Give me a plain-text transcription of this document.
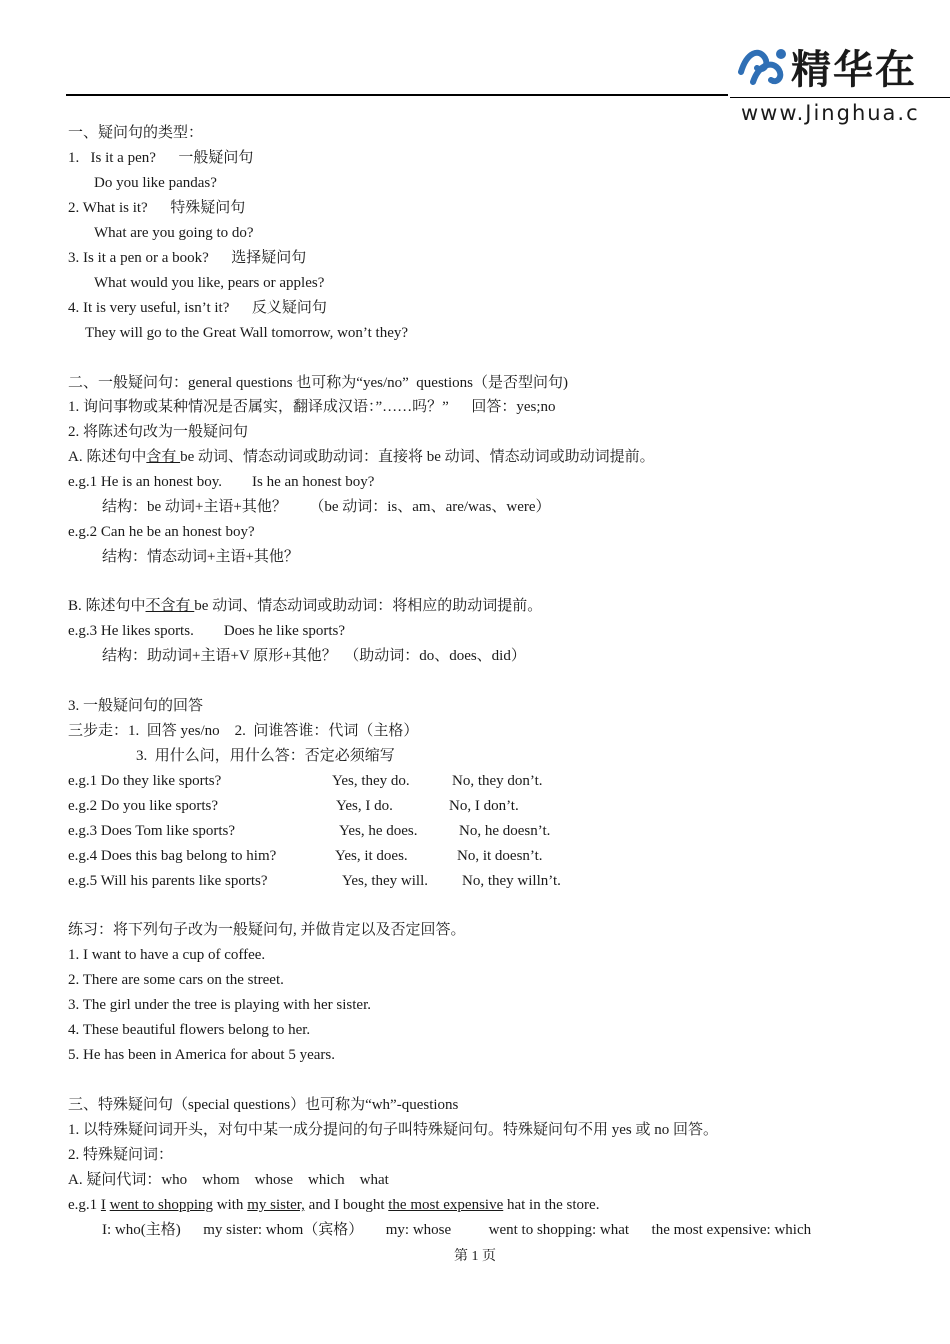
精华在
www.Jinghua.c
一、疑问句的类型：
1.   Is it a pen?      一般疑问句
Do you like pandas?
2. What is it?      特殊疑问句
What are you going to do?
3. Is it a pen or a book?      选择疑问句
What would you like, pears or apples?
4. It is very useful, isn’t it?      反义疑问句
They will go to the Great Wall tomorrow, won’t they?
二、一般疑问句：general questions 也可称为“yes/no”  questions（是否型问句)
1. 询问事物或某种情况是否属实，翻译成汉语：”……吗？”      回答：yes;no
2. 将陈述句改为一般疑问句
A. 陈述句中含有 be 动词、情态动词或助动词：直接将 be 动词、情态动词或助动词提前。
e.g.1 He is an honest boy.        Is he an honest boy?
结构：be 动词+主语+其他？      （be 动词：is、am、are/was、were）
e.g.2 Can he be an honest boy?
结构：情态动词+主语+其他？
B. 陈述句中不含有 be 动词、情态动词或助动词：将相应的助动词提前。
e.g.3 He likes sports.        Does he like sports?
结构：助动词+主语+V 原形+其他？  （助动词：do、does、did）
3. 一般疑问句的回答
三步走：1.  回答 yes/no    2.  问谁答谁：代词（主格）
3.  用什么问，用什么答：否定必须缩写
e.g.1 Do they like sports?	Yes, they do.	No, they don’t.
e.g.2 Do you like sports?	Yes, I do.	No, I don’t.
e.g.3 Does Tom like sports?	Yes, he does.	No, he doesn’t.
e.g.4 Does this bag belong to him?	Yes, it does.	No, it doesn’t.
e.g.5 Will his parents like sports?	Yes, they will. No, they willn’t.
练习：将下列句子改为一般疑问句, 并做肯定以及否定回答。
1. I want to have a cup of coffee.
2. There are some cars on the street.
3. The girl under the tree is playing with her sister.
4. These beautiful flowers belong to her.
5. He has been in America for about 5 years.
三、特殊疑问句（special questions）也可称为“wh”-questions
1. 以特殊疑问词开头，对句中某一成分提问的句子叫特殊疑问句。特殊疑问句不用 yes 或 no 回答。
2. 特殊疑问词：
A. 疑问代词：who    whom    whose    which    what
e.g.1 I went to shopping with my sister, and I bought the most expensive hat in the store.
I: who(主格)      my sister: whom（宾格）      my: whose          went to shopping: what      the most expensive: which
第 1 页
